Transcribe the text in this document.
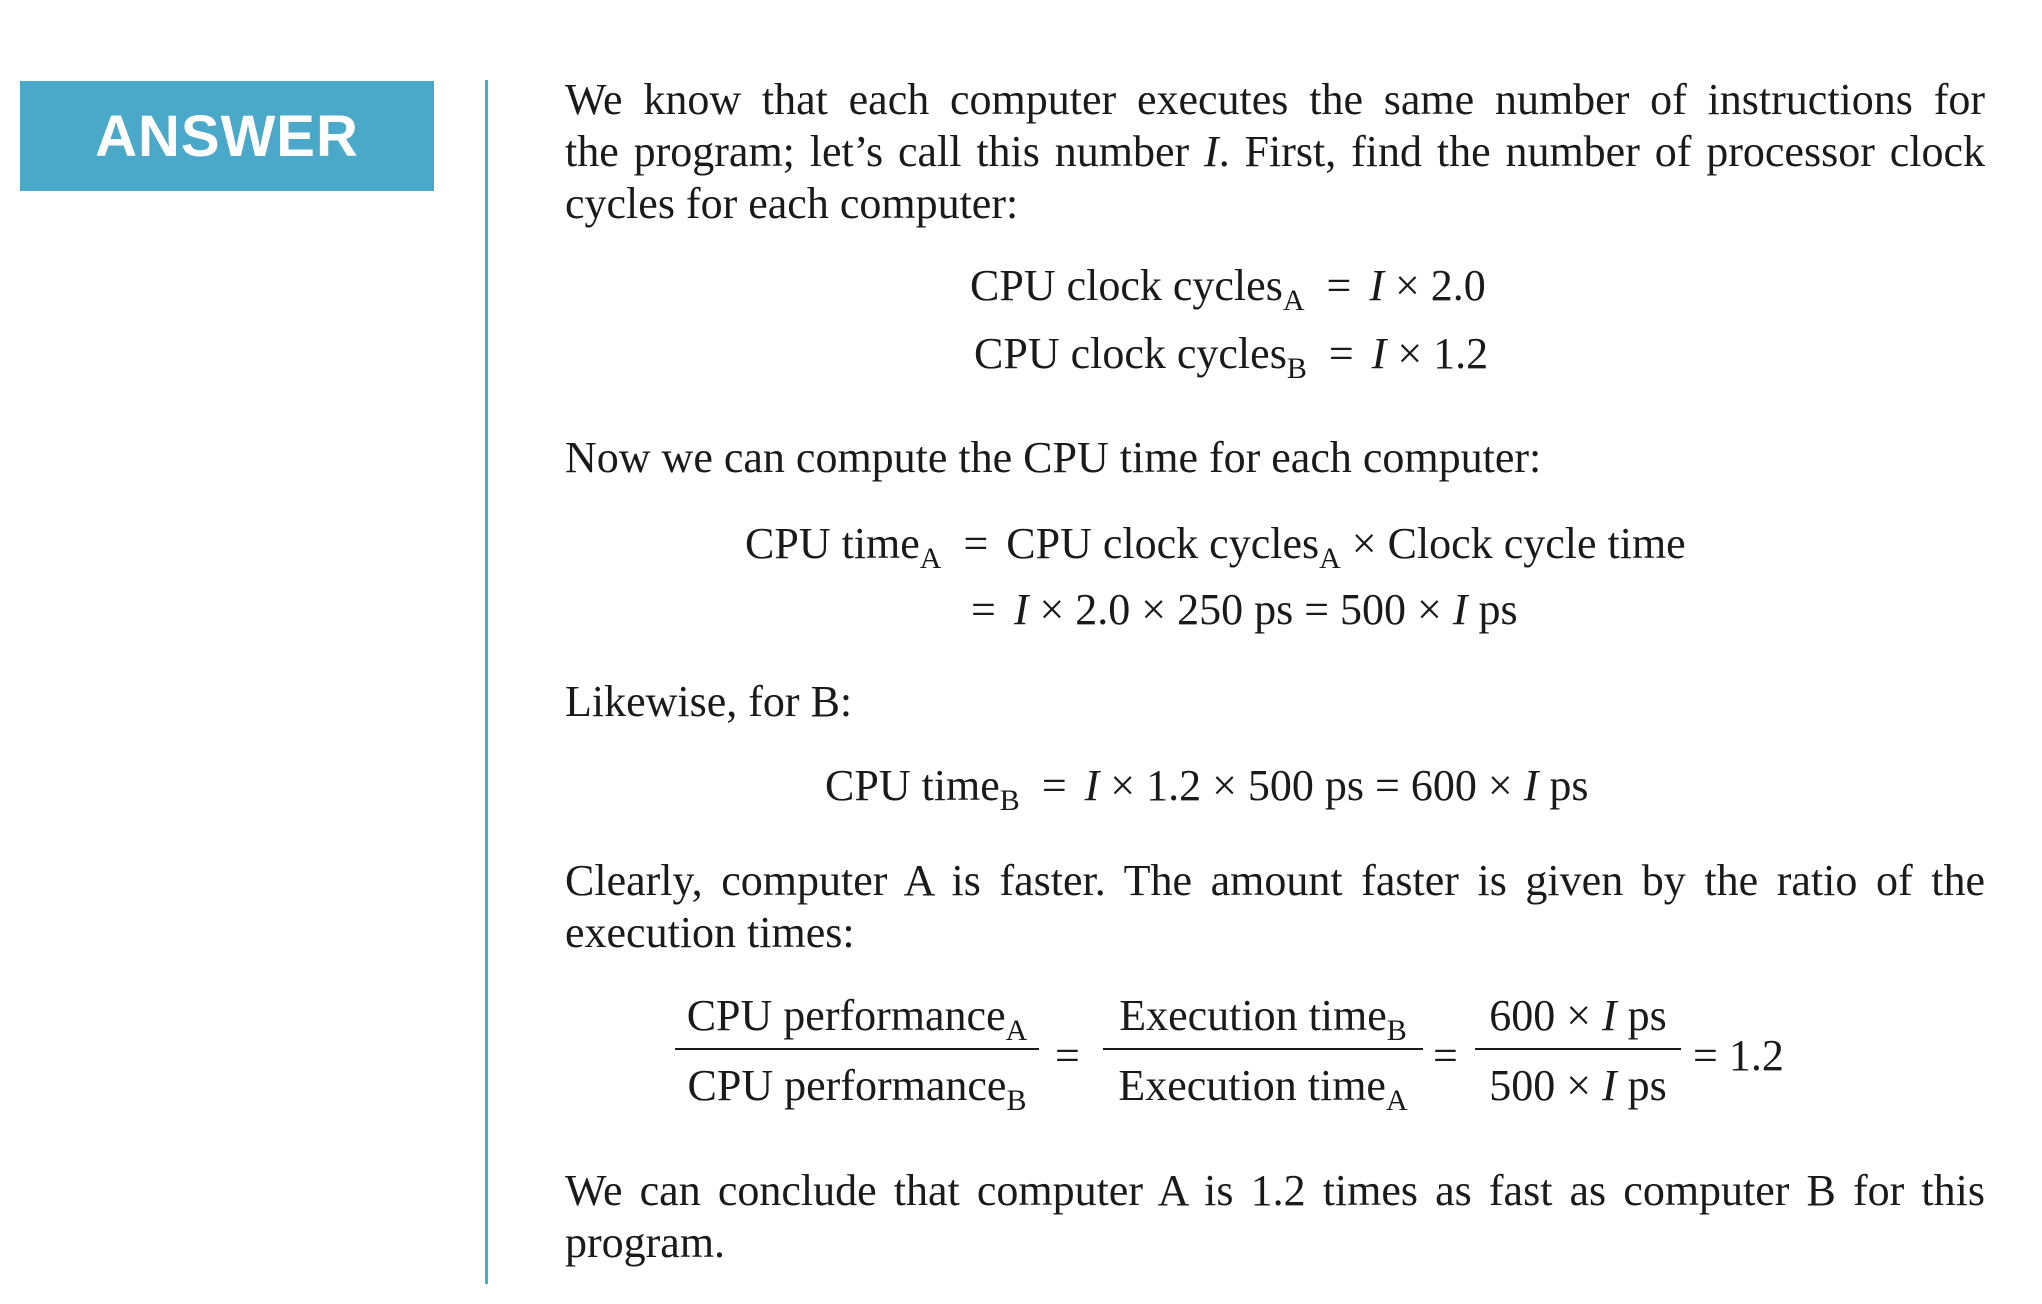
ANSWER
We know that each computer executes the same number of instructions for
the program; let’s call this number I. First, find the number of processor clock
cycles for each computer:
CPU clock cycles$_A$ = I × 2.0
CPU clock cycles$_B$ = I × 1.2
Now we can compute the CPU time for each computer:
CPU time$_A$ = CPU clock cycles$_A$ × Clock cycle time
= I × 2.0 × 250 ps = 500 × I ps
Likewise, for B:
CPU time$_B$ = I × 1.2 × 500 ps = 600 × I ps
Clearly, computer A is faster. The amount faster is given by the ratio of the
execution times:
CPU performance$_A$
CPU performance$_B$
=
Execution time$_B$
Execution time$_A$
=
600 × I ps
500 × I ps
= 1.2
We can conclude that computer A is 1.2 times as fast as computer B for this
program.
